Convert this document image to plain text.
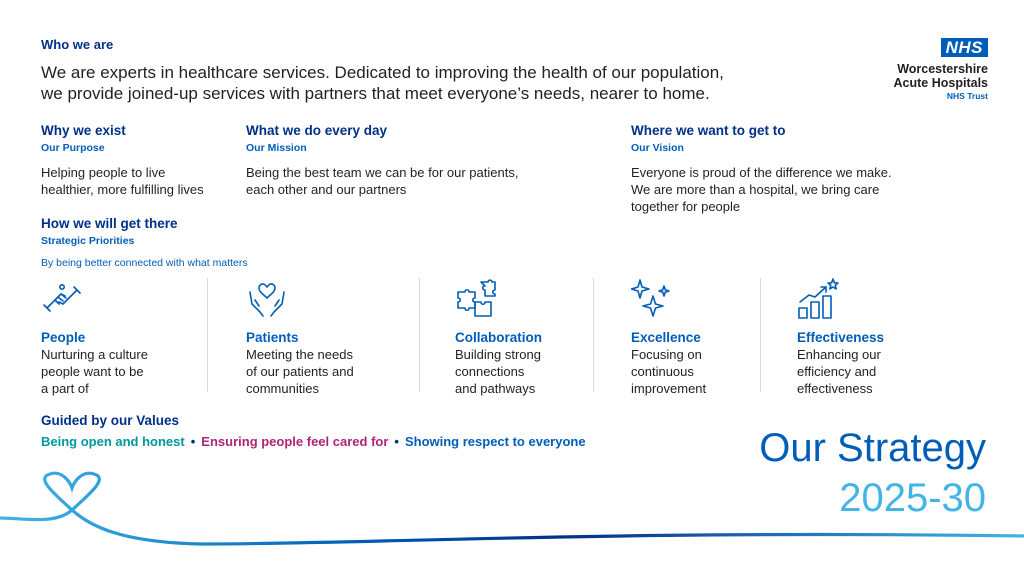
Who we are
We are experts in healthcare services. Dedicated to improving the health of our population,
we provide joined-up services with partners that meet everyone’s needs, nearer to home.
NHS
Worcestershire
Acute Hospitals
NHS Trust
Why we exist
Our Purpose
Helping people to live
healthier, more fulfilling lives
What we do every day
Our Mission
Being the best team we can be for our patients,
each other and our partners
Where we want to get to
Our Vision
Everyone is proud of the difference we make.
We are more than a hospital, we bring care
together for people
How we will get there
Strategic Priorities
By being better connected with what matters
People
Nurturing a culture
people want to be
a part of
Patients
Meeting the needs
of our patients and
communities
Collaboration
Building strong
connections
and pathways
Excellence
Focusing on
continuous
improvement
Effectiveness
Enhancing our
efficiency and
effectiveness
Guided by our Values
Being open and honest • Ensuring people feel cared for • Showing respect to everyone	Our Strategy
2025-30
